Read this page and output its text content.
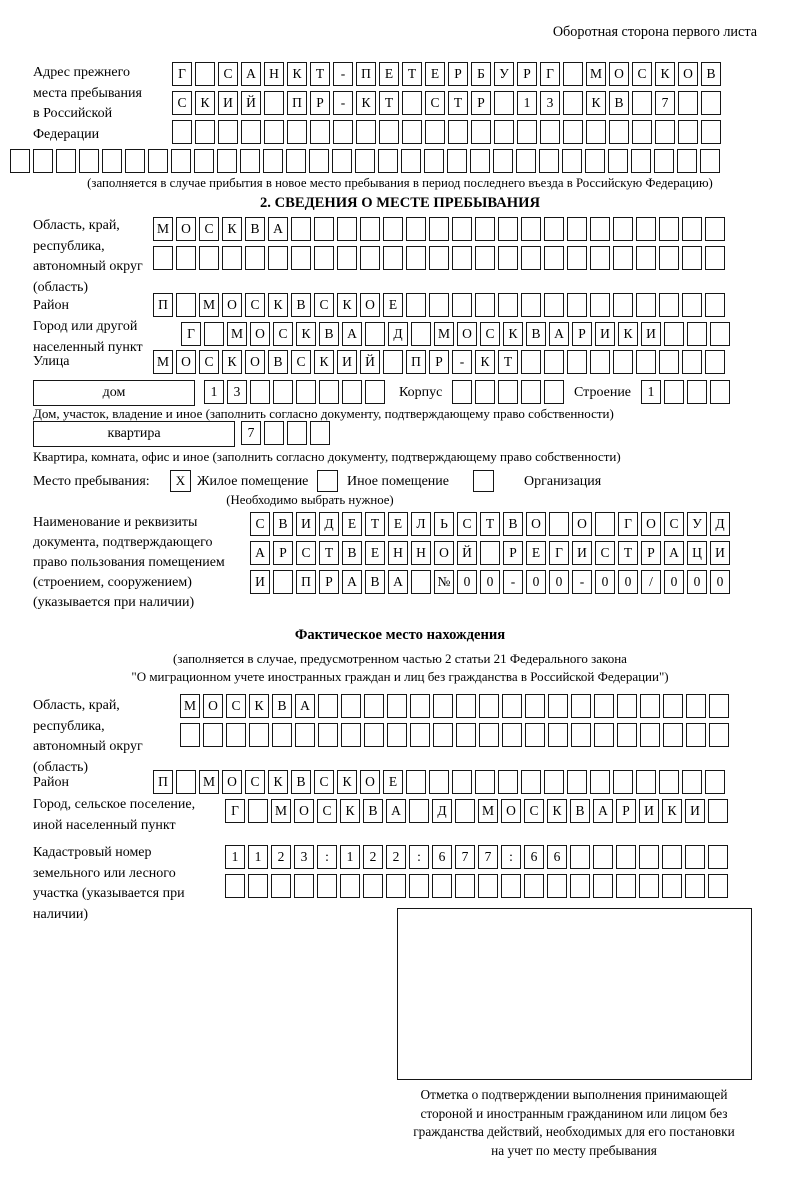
Оборотная сторона первого листа
Адрес прежнего места пребывания в Российской Федерации
Г	С	А Н	К	Т	-	П	Е	Т	Е	Р	Б	У	Р	Г	М О	С	К	О	В
С	К	И Й	П	Р	-	К	Т	С	Т	Р	1	3	К	В	7
(заполняется в случае прибытия в новое место пребывания в период последнего въезда в Российскую Федерацию)
2. СВЕДЕНИЯ О МЕСТЕ ПРЕБЫВАНИЯ
Область, край, республика, автономный округ (область)
М О	С	К	В	А
Район	П	М О	С	К	В	С	К	О	Е
Город или другой населенный пункт
Г	М О	С	К	В	А	Д	М О	С	К	В	А	Р	И	К	И
Улица	М О	С	К	О	В	С	К	И Й	П	Р	-	К	Т
дом	1	3	Корпус	Строение	1
Дом, участок, владение и иное (заполнить согласно документу, подтверждающему право собственности)
квартира	7
Квартира, комната, офис и иное (заполнить согласно документу, подтверждающему право собственности)
Место пребывания:	X Жилое помещение	Иное помещение	Организация
(Необходимо выбрать нужное)
Наименование и реквизиты документа, подтверждающего право пользования помещением (строением, сооружением) (указывается при наличии)
С	В	И	Д	Е	Т	Е	Л	Ь	С	Т	В	О	О	Г	О	С	У	Д
А	Р	С	Т	В	Е	Н Н О Й	Р	Е	Г	И	С	Т	Р	А Ц И
И	П	Р	А	В	А	№ 0	0	-	0	0	-	0	0	/	0	0	0
Фактическое место нахождения
(заполняется в случае, предусмотренном частью 2 статьи 21 Федерального закона
"О миграционном учете иностранных граждан и лиц без гражданства в Российской Федерации")
Область, край, республика, автономный округ (область)
М О	С	К	В	А
Район	П	М О	С	К	В	С	К	О	Е
Город, сельское поселение, иной населенный пункт
Г	М О	С	К	В	А	Д	М О	С	К	В	А	Р	И	К	И
Кадастровый номер земельного или лесного участка (указывается при наличии)
1	1	2	3	:	1	2	2	:	6	7	7	:	6	6
Отметка о подтверждении выполнения принимающей
стороной и иностранным гражданином или лицом без
гражданства действий, необходимых для его постановки
на учет по месту пребывания
